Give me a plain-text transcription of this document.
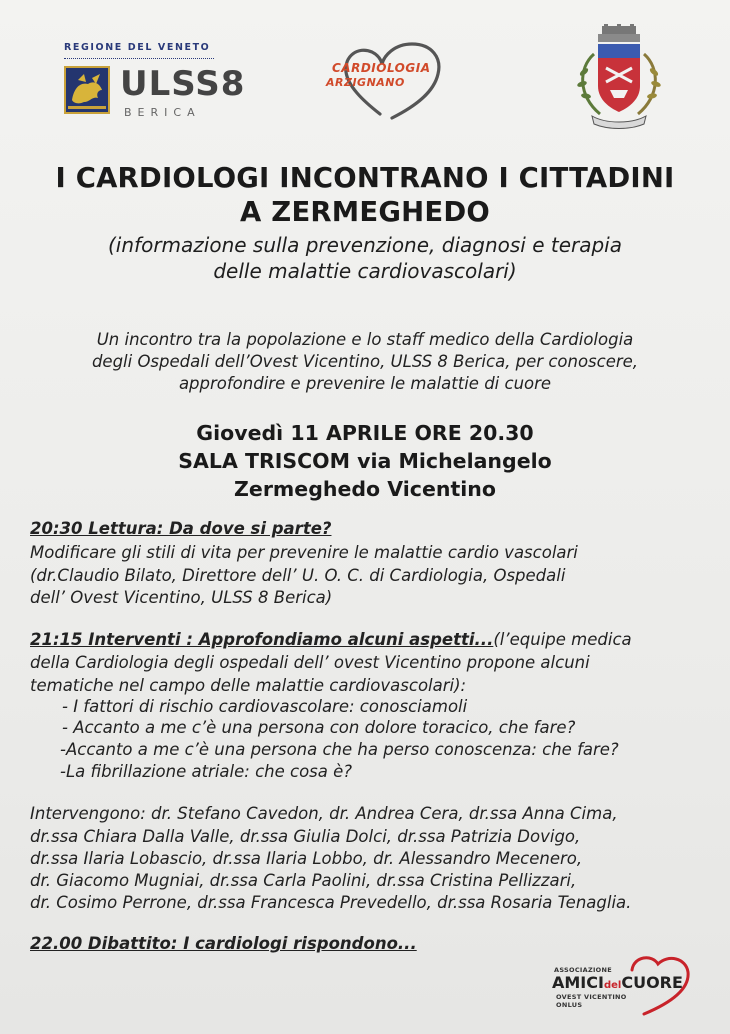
REGIONE DEL VENETO
ULSS8
BERICA
CARDIOLOGIA
ARZIGNANO
I CARDIOLOGI INCONTRANO I CITTADINI
A ZERMEGHEDO
(informazione sulla prevenzione, diagnosi e terapia
delle malattie cardiovascolari)
Un incontro tra la popolazione e lo staff medico della Cardiologia
degli Ospedali dell’Ovest Vicentino, ULSS 8 Berica, per conoscere,
approfondire e prevenire le malattie di cuore
Giovedì 11 APRILE ORE 20.30
SALA TRISCOM via Michelangelo
Zermeghedo Vicentino
20:30 Lettura: Da dove si parte?
Modificare gli stili di vita per prevenire le malattie cardio vascolari
(dr.Claudio Bilato, Direttore dell’ U. O. C. di Cardiologia, Ospedali
dell’ Ovest Vicentino, ULSS 8 Berica)
21:15 Interventi : Approfondiamo alcuni aspetti...(l’equipe medica
della Cardiologia degli ospedali dell’ ovest Vicentino propone alcuni
tematiche nel campo delle malattie cardiovascolari):
- I fattori di rischio cardiovascolare: conosciamoli
- Accanto a me c’è una persona con dolore toracico, che fare?
-Accanto a me c’è una persona che ha perso conoscenza: che fare?
-La fibrillazione atriale: che cosa è?
Intervengono: dr. Stefano Cavedon, dr. Andrea Cera, dr.ssa Anna Cima,
dr.ssa Chiara Dalla Valle, dr.ssa Giulia Dolci, dr.ssa Patrizia Dovigo,
dr.ssa Ilaria Lobascio, dr.ssa Ilaria Lobbo, dr. Alessandro Mecenero,
dr. Giacomo Mugniai, dr.ssa Carla Paolini, dr.ssa Cristina Pellizzari,
dr. Cosimo Perrone, dr.ssa Francesca Prevedello, dr.ssa Rosaria Tenaglia.
22.00 Dibattito: I cardiologi rispondono...
ASSOCIAZIONE
AMICIdelCUORE
OVEST VICENTINO
ONLUS
